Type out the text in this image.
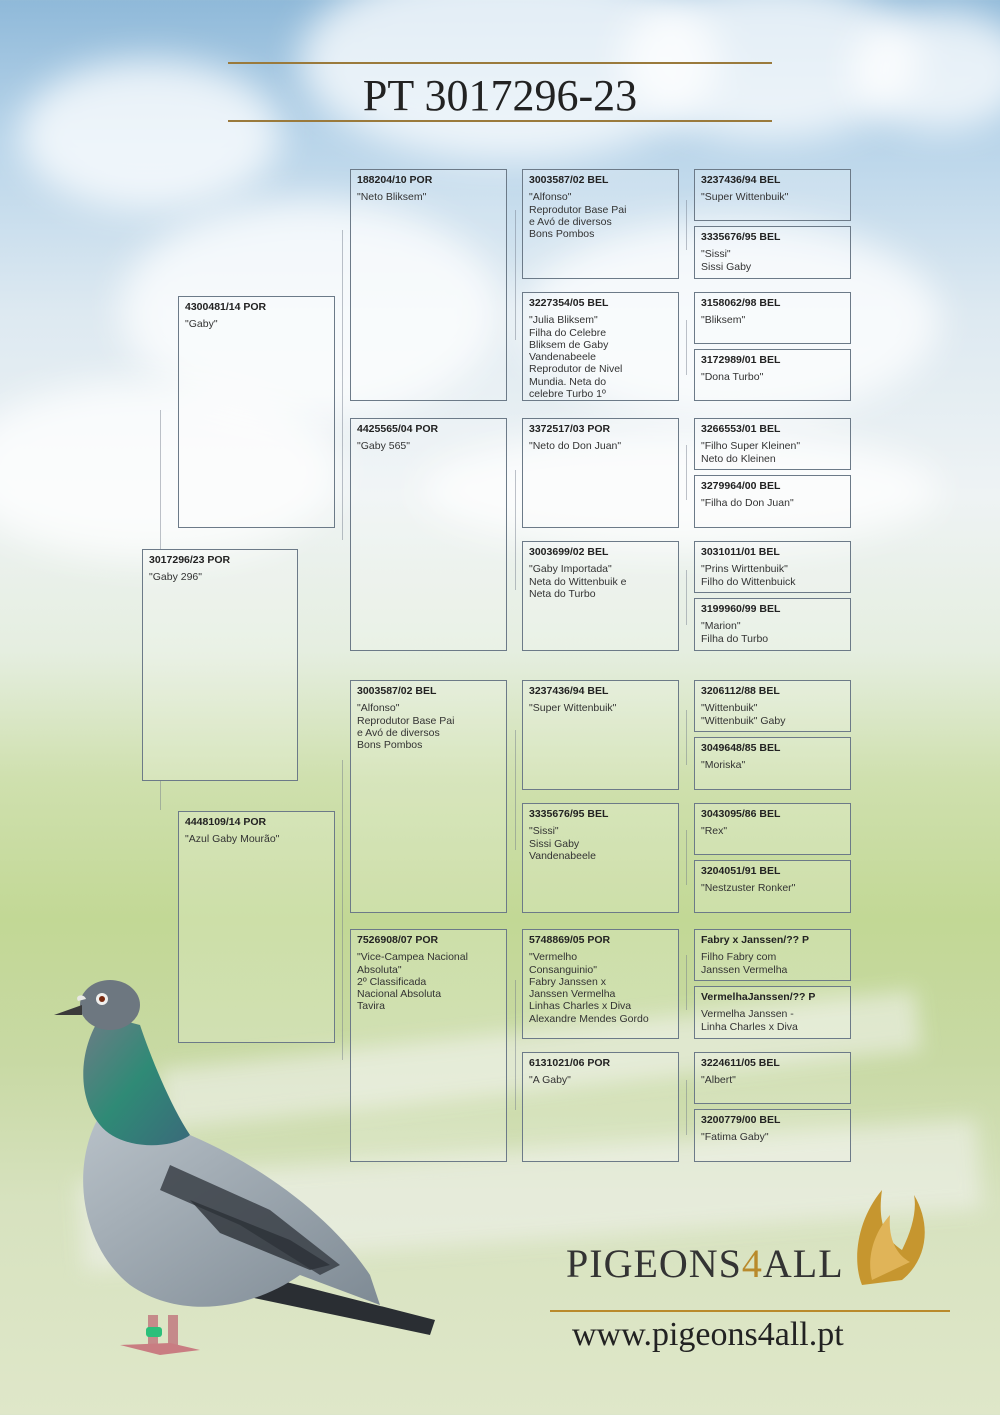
PT 3017296-23
3017296/23 POR
"Gaby 296"
4300481/14 POR
"Gaby"
4448109/14 POR
"Azul Gaby Mourão"
188204/10 POR
"Neto Bliksem"
4425565/04 POR
"Gaby 565"
3003587/02 BEL
"Alfonso"
Reprodutor Base Pai
e Avó de diversos
Bons Pombos
7526908/07 POR
"Vice-Campea Nacional
Absoluta"
2º Classificada
Nacional Absoluta
Tavira
3003587/02 BEL
"Alfonso"
Reprodutor Base Pai
e Avó de diversos
Bons Pombos
3227354/05 BEL
"Julia Bliksem"
Filha do Celebre
Bliksem de Gaby
Vandenabeele
Reprodutor de Nivel
Mundia. Neta do
celebre Turbo 1º
3372517/03 POR
"Neto do Don Juan"
3003699/02 BEL
"Gaby Importada"
Neta do Wittenbuik e
Neta do Turbo
3237436/94 BEL
"Super Wittenbuik"
3335676/95 BEL
"Sissi"
Sissi Gaby
Vandenabeele
5748869/05 POR
"Vermelho
Consanguinio"
Fabry Janssen x
Janssen Vermelha
Linhas Charles x Diva
Alexandre Mendes Gordo
6131021/06 POR
"A Gaby"
3237436/94 BEL
"Super Wittenbuik"
3335676/95 BEL
"Sissi"
Sissi Gaby
3158062/98 BEL
"Bliksem"
3172989/01 BEL
"Dona Turbo"
3266553/01 BEL
"Filho Super Kleinen"
Neto do Kleinen
3279964/00 BEL
"Filha do Don Juan"
3031011/01 BEL
"Prins Wirttenbuik"
Filho do Wittenbuick
3199960/99 BEL
"Marion"
Filha do Turbo
3206112/88 BEL
"Wittenbuik"
"Wittenbuik" Gaby
3049648/85 BEL
"Moriska"
3043095/86 BEL
"Rex"
3204051/91 BEL
"Nestzuster Ronker"
Fabry x Janssen/?? P
Filho Fabry com
Janssen Vermelha
VermelhaJanssen/?? P
Vermelha Janssen -
Linha Charles x Diva
3224611/05 BEL
"Albert"
3200779/00 BEL
"Fatima Gaby"
PIGEONS4ALL
www.pigeons4all.pt
